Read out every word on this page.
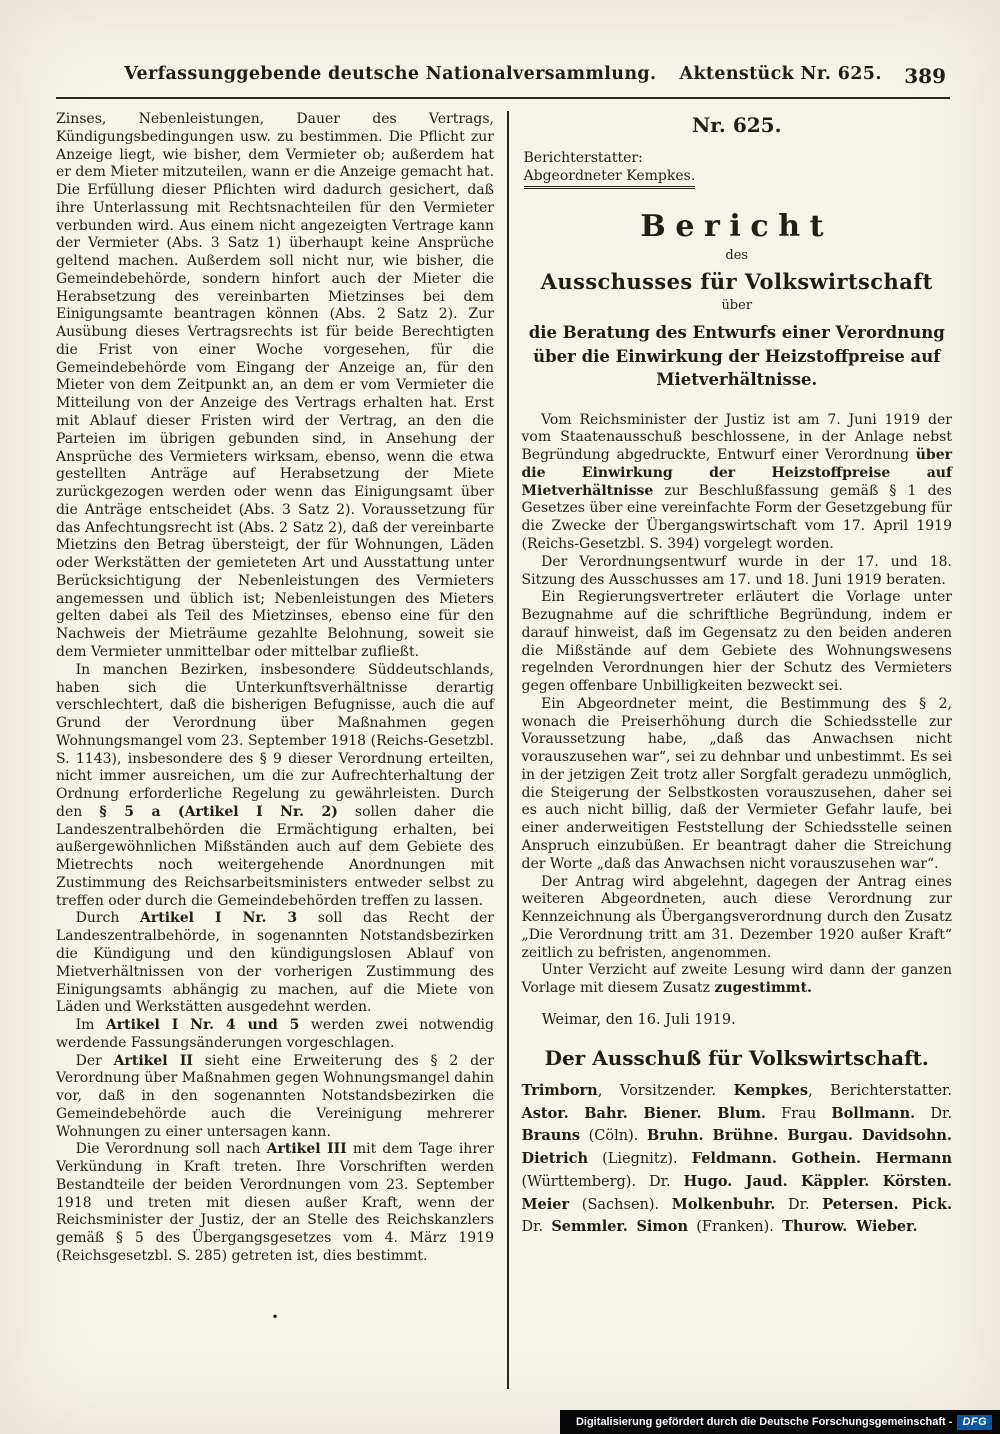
Verfassunggebende deutsche Nationalversammlung. Aktenstück Nr. 625. 389

Zinses, Nebenleistungen, Dauer des Vertrags, Kündigungsbedingungen usw. zu bestimmen. Die Pflicht zur Anzeige liegt, wie bisher, dem Vermieter ob; außerdem hat er dem Mieter mitzuteilen, wann er die Anzeige gemacht hat. Die Erfüllung dieser Pflichten wird dadurch gesichert, daß ihre Unterlassung mit Rechtsnachteilen für den Vermieter verbunden wird. Aus einem nicht angezeigten Vertrage kann der Vermieter (Abs. 3 Satz 1) überhaupt keine Ansprüche geltend machen. Außerdem soll nicht nur, wie bisher, die Gemeindebehörde, sondern hinfort auch der Mieter die Herabsetzung des vereinbarten Mietzinses bei dem Einigungsamte beantragen können (Abs. 2 Satz 2). Zur Ausübung dieses Vertragsrechts ist für beide Berechtigten die Frist von einer Woche vorgesehen, für die Gemeindebehörde vom Eingang der Anzeige an, für den Mieter von dem Zeitpunkt an, an dem er vom Vermieter die Mitteilung von der Anzeige des Vertrags erhalten hat. Erst mit Ablauf dieser Fristen wird der Vertrag, an den die Parteien im übrigen gebunden sind, in Ansehung der Ansprüche des Vermieters wirksam, ebenso, wenn die etwa gestellten Anträge auf Herabsetzung der Miete zurückgezogen werden oder wenn das Einigungsamt über die Anträge entscheidet (Abs. 3 Satz 2). Voraussetzung für das Anfechtungsrecht ist (Abs. 2 Satz 2), daß der vereinbarte Mietzins den Betrag übersteigt, der für Wohnungen, Läden oder Werkstätten der gemieteten Art und Ausstattung unter Berücksichtigung der Nebenleistungen des Vermieters angemessen und üblich ist; Nebenleistungen des Mieters gelten dabei als Teil des Mietzinses, ebenso eine für den Nachweis der Mieträume gezahlte Belohnung, soweit sie dem Vermieter unmittelbar oder mittelbar zufließt.

In manchen Bezirken, insbesondere Süddeutschlands, haben sich die Unterkunftsverhältnisse derartig verschlechtert, daß die bisherigen Befugnisse, auch die auf Grund der Verordnung über Maßnahmen gegen Wohnungsmangel vom 23. September 1918 (Reichs-Gesetzbl. S. 1143), insbesondere des § 9 dieser Verordnung erteilten, nicht immer ausreichen, um die zur Aufrechterhaltung der Ordnung erforderliche Regelung zu gewährleisten. Durch den § 5 a (Artikel I Nr. 2) sollen daher die Landeszentralbehörden die Ermächtigung erhalten, bei außergewöhnlichen Mißständen auch auf dem Gebiete des Mietrechts noch weitergehende Anordnungen mit Zustimmung des Reichsarbeitsministers entweder selbst zu treffen oder durch die Gemeindebehörden treffen zu lassen.

Durch Artikel I Nr. 3 soll das Recht der Landeszentralbehörde, in sogenannten Notstandsbezirken die Kündigung und den kündigungslosen Ablauf von Mietverhältnissen von der vorherigen Zustimmung des Einigungsamts abhängig zu machen, auf die Miete von Läden und Werkstätten ausgedehnt werden.

Im Artikel I Nr. 4 und 5 werden zwei notwendig werdende Fassungsänderungen vorgeschlagen.

Der Artikel II sieht eine Erweiterung des § 2 der Verordnung über Maßnahmen gegen Wohnungsmangel dahin vor, daß in den sogenannten Notstandsbezirken die Gemeindebehörde auch die Vereinigung mehrerer Wohnungen zu einer untersagen kann.

Die Verordnung soll nach Artikel III mit dem Tage ihrer Verkündung in Kraft treten. Ihre Vorschriften werden Bestandteile der beiden Verordnungen vom 23. September 1918 und treten mit diesen außer Kraft, wenn der Reichsminister der Justiz, der an Stelle des Reichskanzlers gemäß § 5 des Übergangsgesetzes vom 4. März 1919 (Reichsgesetzbl. S. 285) getreten ist, dies bestimmt.

•
Nr. 625.
Berichterstatter:
Abgeordneter Kempkes.
Bericht
des
Ausschusses für Volkswirtschaft
über
die Beratung des Entwurfs einer Verordnung über die Einwirkung der Heizstoffpreise auf Mietverhältnisse.

Vom Reichsminister der Justiz ist am 7. Juni 1919 der vom Staatenausschuß beschlossene, in der Anlage nebst Begründung abgedruckte, Entwurf einer Verordnung über die Einwirkung der Heizstoffpreise auf Mietverhältnisse zur Beschlußfassung gemäß § 1 des Gesetzes über eine vereinfachte Form der Gesetzgebung für die Zwecke der Übergangswirtschaft vom 17. April 1919 (Reichs-Gesetzbl. S. 394) vorgelegt worden.

Der Verordnungsentwurf wurde in der 17. und 18. Sitzung des Ausschusses am 17. und 18. Juni 1919 beraten.

Ein Regierungsvertreter erläutert die Vorlage unter Bezugnahme auf die schriftliche Begründung, indem er darauf hinweist, daß im Gegensatz zu den beiden anderen die Mißstände auf dem Gebiete des Wohnungswesens regelnden Verordnungen hier der Schutz des Vermieters gegen offenbare Unbilligkeiten bezweckt sei.

Ein Abgeordneter meint, die Bestimmung des § 2, wonach die Preiserhöhung durch die Schiedsstelle zur Voraussetzung habe, „daß das Anwachsen nicht vorauszusehen war“, sei zu dehnbar und unbestimmt. Es sei in der jetzigen Zeit trotz aller Sorgfalt geradezu unmöglich, die Steigerung der Selbstkosten vorauszusehen, daher sei es auch nicht billig, daß der Vermieter Gefahr laufe, bei einer anderweitigen Feststellung der Schiedsstelle seinen Anspruch einzubüßen. Er beantragt daher die Streichung der Worte „daß das Anwachsen nicht vorauszusehen war“.

Der Antrag wird abgelehnt, dagegen der Antrag eines weiteren Abgeordneten, auch diese Verordnung zur Kennzeichnung als Übergangsverordnung durch den Zusatz „Die Verordnung tritt am 31. Dezember 1920 außer Kraft“ zeitlich zu befristen, angenommen.

Unter Verzicht auf zweite Lesung wird dann der ganzen Vorlage mit diesem Zusatz zugestimmt.

Weimar, den 16. Juli 1919.

Der Ausschuß für Volkswirtschaft.

Trimborn, Vorsitzender. Kempkes, Berichterstatter. Astor. Bahr. Biener. Blum. Frau Bollmann. Dr. Brauns (Cöln). Bruhn. Brühne. Burgau. Davidsohn. Dietrich (Liegnitz). Feldmann. Gothein. Hermann (Württemberg). Dr. Hugo. Jaud. Käppler. Körsten. Meier (Sachsen). Molkenbuhr. Dr. Petersen. Pick. Dr. Semmler. Simon (Franken). Thurow. Wieber.

Digitalisierung gefördert durch die Deutsche Forschungsgemeinschaft - DFG
